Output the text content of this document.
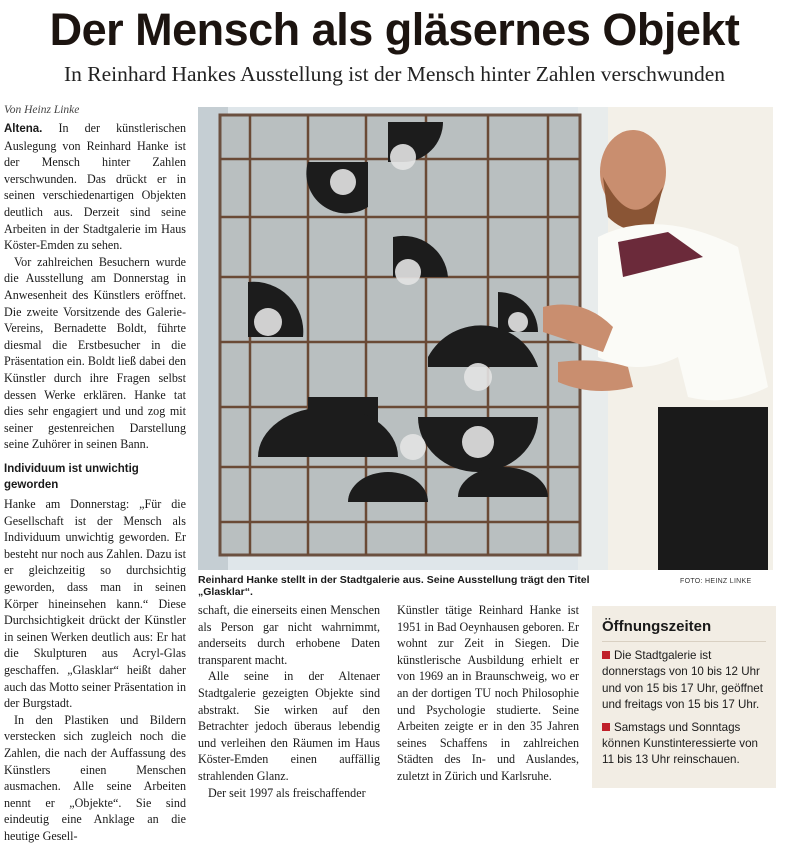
Der Mensch als gläsernes Objekt
In Reinhard Hankes Ausstellung ist der Mensch hinter Zahlen verschwunden
Von Heinz Linke

Altena. In der künstlerischen Auslegung von Reinhard Hanke ist der Mensch hinter Zahlen verschwunden. Das drückt er in seinen verschiedenartigen Objekten deutlich aus. Derzeit sind seine Arbeiten in der Stadtgalerie im Haus Köster-Emden zu sehen.

Vor zahlreichen Besuchern wurde die Ausstellung am Donnerstag in Anwesenheit des Künstlers eröffnet. Die zweite Vorsitzende des Galerie-Vereins, Bernadette Boldt, führte diesmal die Erstbesucher in die Präsentation ein. Boldt ließ dabei den Künstler durch ihre Fragen selbst dessen Werke erklären. Hanke tat dies sehr engagiert und und zog mit seiner gestenreichen Darstellung seine Zuhörer in seinen Bann.

Individuum ist unwichtig geworden

Hanke am Donnerstag: „Für die Gesellschaft ist der Mensch als Individuum unwichtig geworden. Er besteht nur noch aus Zahlen. Dazu ist er gleichzeitig so durchsichtig geworden, dass man in seinen Körper hineinsehen kann.“ Diese Durchsichtigkeit drückt der Künstler in seinen Werken deutlich aus: Er hat die Skulpturen aus Acryl-Glas geschaffen. „Glasklar“ heißt daher auch das Motto seiner Präsentation in der Burgstadt.

In den Plastiken und Bildern verstecken sich zugleich noch die Zahlen, die nach der Auffassung des Künstlers einen Menschen ausmachen. Alle seine Arbeiten nennt er „Objekte“. Sie sind eindeutig eine Anklage an die heutige Gesell-

Reinhard Hanke stellt in der Stadtgalerie aus. Seine Ausstellung trägt den Titel „Glasklar“.
FOTO: HEINZ LINKE

schaft, die einerseits einen Menschen als Person gar nicht wahrnimmt, anderseits durch erhobene Daten transparent macht.

Alle seine in der Altenaer Stadtgalerie gezeigten Objekte sind abstrakt. Sie wirken auf den Betrachter jedoch überaus lebendig und verleihen den Räumen im Haus Köster-Emden einen auffällig strahlenden Glanz.

Der seit 1997 als freischaffender

Künstler tätige Reinhard Hanke ist 1951 in Bad Oeynhausen geboren. Er wohnt zur Zeit in Siegen. Die künstlerische Ausbildung erhielt er von 1969 an in Braunschweig, wo er an der dortigen TU noch Philosophie und Psychologie studierte. Seine Arbeiten zeigte er in den 35 Jahren seines Schaffens in zahlreichen Städten des In- und Auslandes, zuletzt in Zürich und Karlsruhe.

Öffnungszeiten

Die Stadtgalerie ist donnerstags von 10 bis 12 Uhr und von 15 bis 17 Uhr, geöffnet und freitags von 15 bis 17 Uhr.

Samstags und Sonntags können Kunstinteressierte von 11 bis 13 Uhr reinschauen.
